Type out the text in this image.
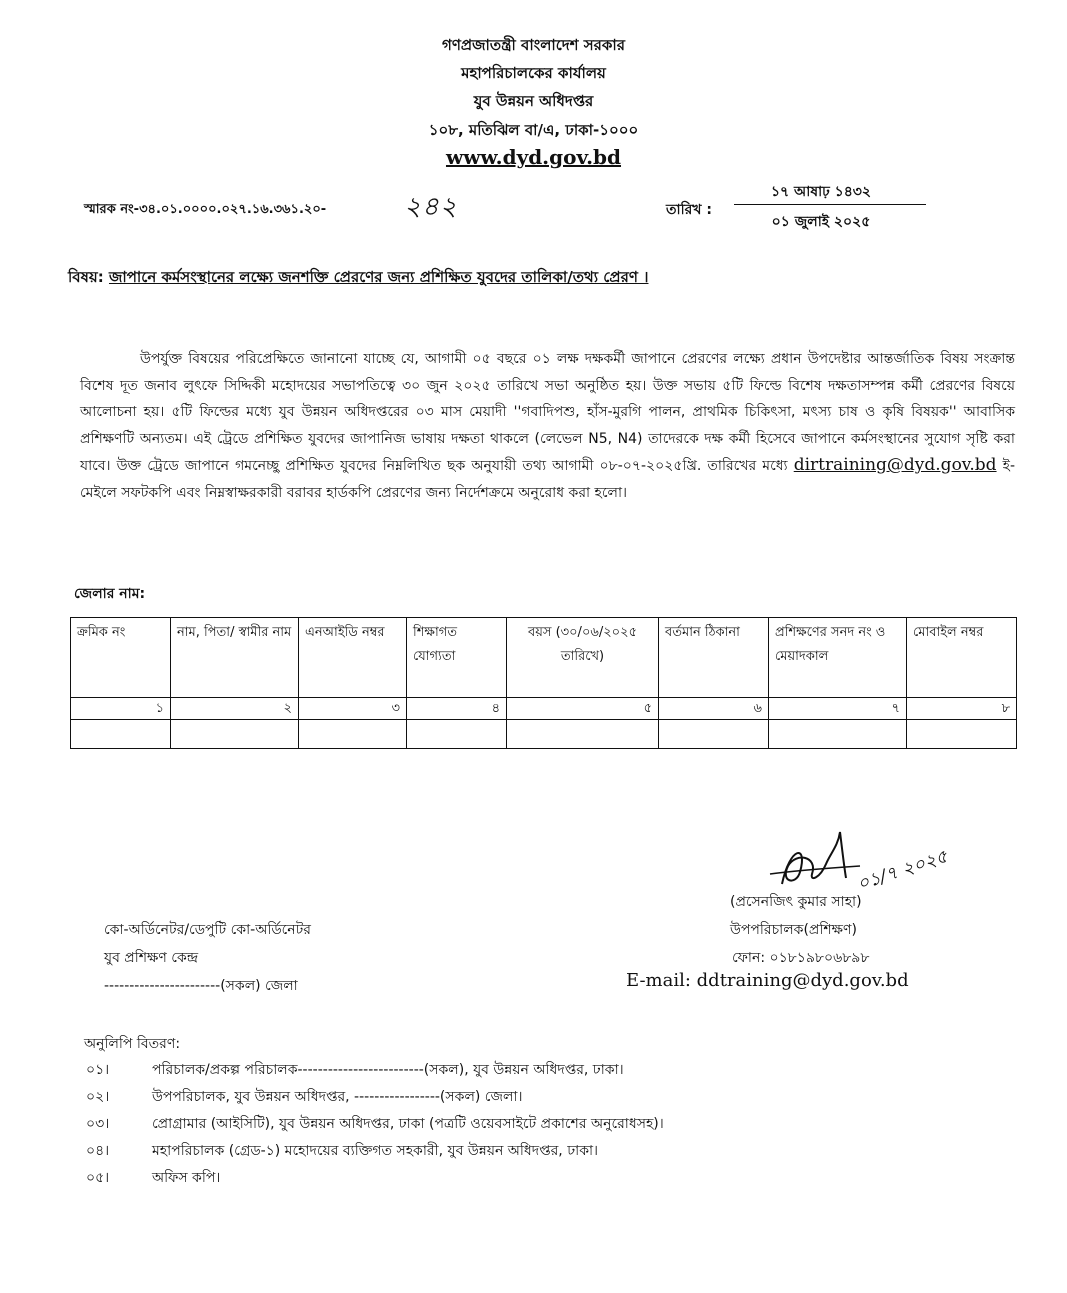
গণপ্রজাতন্ত্রী বাংলাদেশ সরকার
মহাপরিচালকের কার্যালয়
যুব উন্নয়ন অধিদপ্তর
১০৮, মতিঝিল বা/এ, ঢাকা-১০০০
www.dyd.gov.bd
স্মারক নং-৩৪.০১.০০০০.০২৭.১৬.৩৬১.২০-	২৪২	তারিখ :
১৭ আষাঢ় ১৪৩২
০১ জুলাই ২০২৫
বিষয়: জাপানে কর্মসংস্থানের লক্ষ্যে জনশক্তি প্রেরণের জন্য প্রশিক্ষিত যুবদের তালিকা/তথ্য প্রেরণ ।
উপর্যুক্ত বিষয়ের পরিপ্রেক্ষিতে জানানো যাচ্ছে যে, আগামী ০৫ বছরে ০১ লক্ষ দক্ষকর্মী জাপানে প্রেরণের লক্ষ্যে প্রধান উপদেষ্টার আন্তর্জাতিক বিষয় সংক্রান্ত বিশেষ দূত জনাব লুৎফে সিদ্দিকী মহোদয়ের সভাপতিত্বে ৩০ জুন ২০২৫ তারিখে সভা অনুষ্ঠিত হয়। উক্ত সভায় ৫টি ফিল্ডে বিশেষ দক্ষতাসম্পন্ন কর্মী প্রেরণের বিষয়ে আলোচনা হয়। ৫টি ফিল্ডের মধ্যে যুব উন্নয়ন অধিদপ্তরের ০৩ মাস মেয়াদী ''গবাদিপশু, হাঁস-মুরগি পালন, প্রাথমিক চিকিৎসা, মৎস্য চাষ ও কৃষি বিষয়ক'' আবাসিক প্রশিক্ষণটি অন্যতম। এই ট্রেডে প্রশিক্ষিত যুবদের জাপানিজ ভাষায় দক্ষতা থাকলে (লেভেল N5, N4) তাদেরকে দক্ষ কর্মী হিসেবে জাপানে কর্মসংস্থানের সুযোগ সৃষ্টি করা যাবে। উক্ত ট্রেডে জাপানে গমনেচ্ছু প্রশিক্ষিত যুবদের নিম্নলিখিত ছক অনুযায়ী তথ্য আগামী ০৮-০৭-২০২৫খ্রি. তারিখের মধ্যে dirtraining@dyd.gov.bd ই-মেইলে সফটকপি এবং নিম্নস্বাক্ষরকারী বরাবর হার্ডকপি প্রেরণের জন্য নির্দেশক্রমে অনুরোধ করা হলো।
জেলার নাম:
ক্রমিক নং	নাম, পিতা/ স্বামীর নাম	এনআইডি নম্বর	শিক্ষাগত যোগ্যতা	বয়স (৩০/০৬/২০২৫ তারিখে)	বর্তমান ঠিকানা	প্রশিক্ষণের সনদ নং ও মেয়াদকাল	মোবাইল নম্বর
১	২	৩	৪	৫	৬	৭	৮

০১/৭ ২০২৫
(প্রসেনজিৎ কুমার সাহা)
উপপরিচালক(প্রশিক্ষণ)
ফোন: ০১৮১৯৮০৬৮৯৮
E-mail: ddtraining@dyd.gov.bd
কো-অর্ডিনেটর/ডেপুটি কো-অর্ডিনেটর
যুব প্রশিক্ষণ কেন্দ্র
-----------------------(সকল) জেলা
অনুলিপি বিতরণ:
০১।	পরিচালক/প্রকল্প পরিচালক-------------------------(সকল), যুব উন্নয়ন অধিদপ্তর, ঢাকা।
০২।	উপপরিচালক, যুব উন্নয়ন অধিদপ্তর, -----------------(সকল) জেলা।
০৩।	প্রোগ্রামার (আইসিটি), যুব উন্নয়ন অধিদপ্তর, ঢাকা (পত্রটি ওয়েবসাইটে প্রকাশের অনুরোধসহ)।
০৪।	মহাপরিচালক (গ্রেড-১) মহোদয়ের ব্যক্তিগত সহকারী, যুব উন্নয়ন অধিদপ্তর, ঢাকা।
০৫।	অফিস কপি।
